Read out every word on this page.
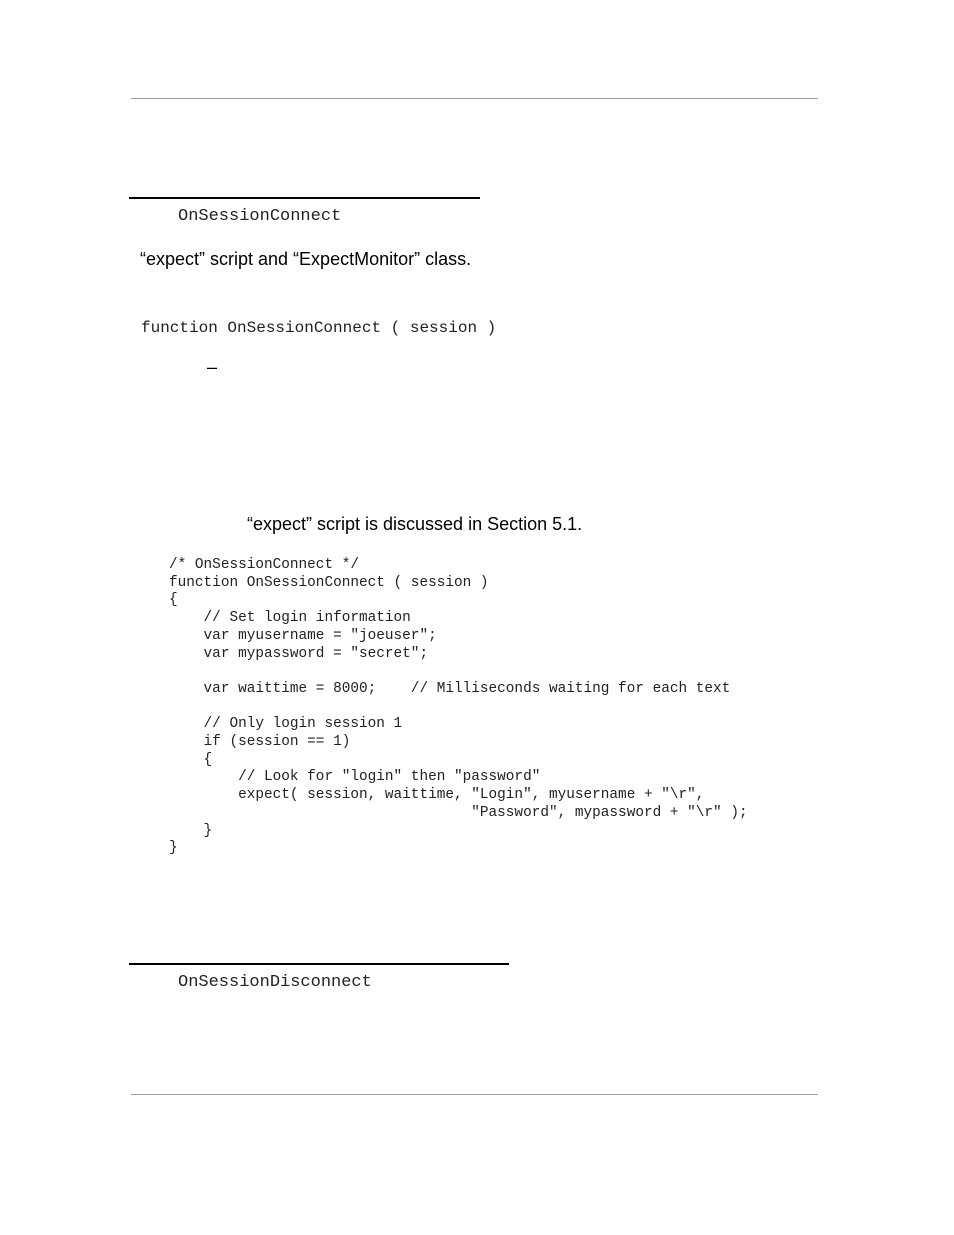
OnSessionConnect
“expect” script and “ExpectMonitor” class.
function OnSessionConnect ( session )
–
“expect” script is discussed in Section 5.1.
/* OnSessionConnect */
function OnSessionConnect ( session )
{
// Set login information
var myusername = "joeuser";
var mypassword = "secret";

var waittime = 8000;    // Milliseconds waiting for each text

// Only login session 1
if (session == 1)
{
// Look for "login" then "password"
expect( session, waittime, "Login", myusername + "\r",
"Password", mypassword + "\r" );
}
}
OnSessionDisconnect
